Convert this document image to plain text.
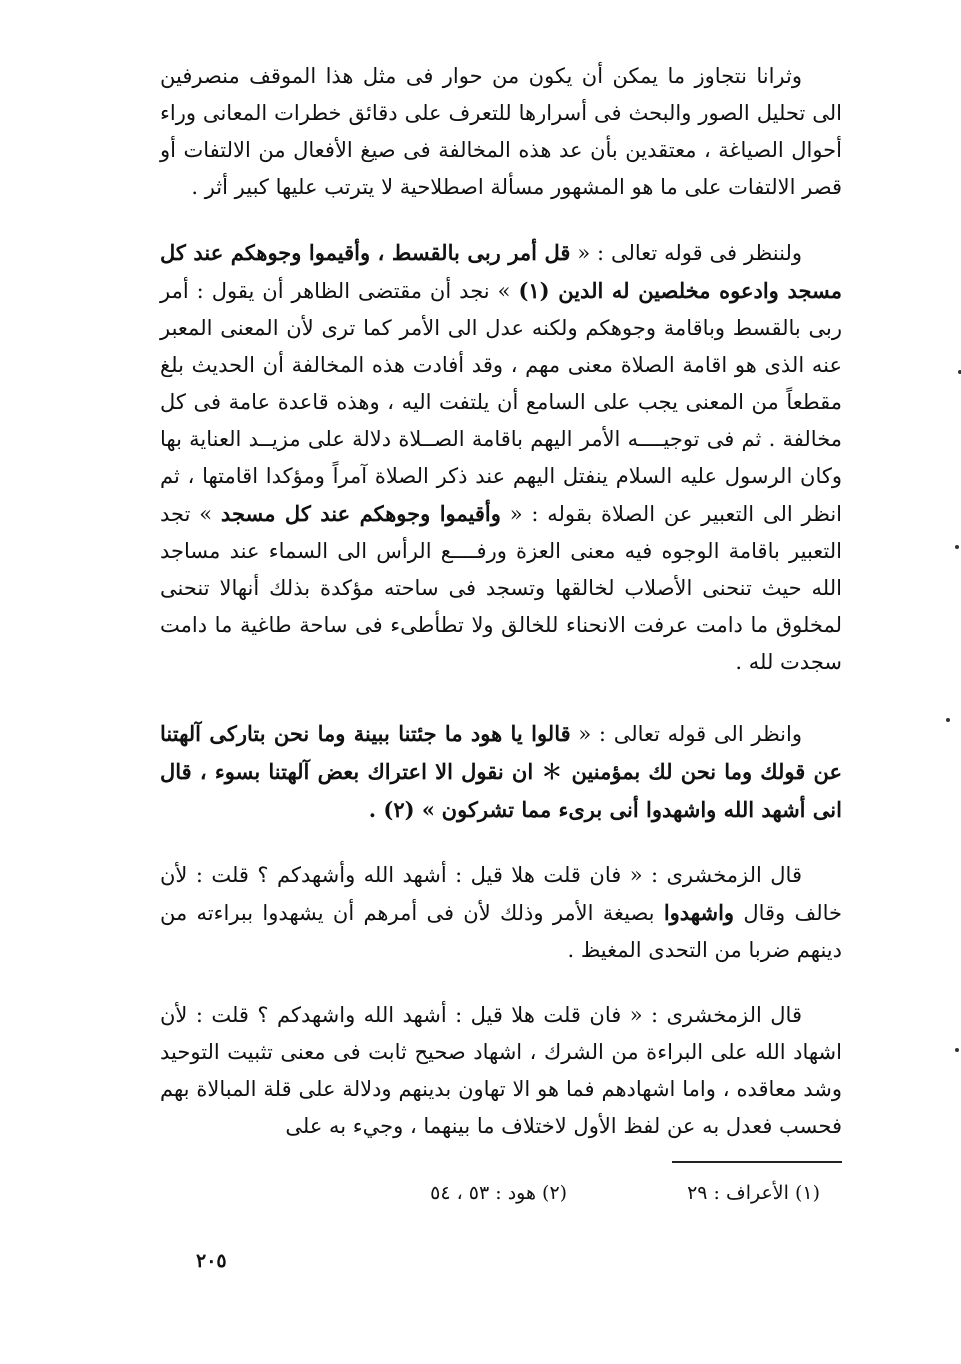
وثرانا نتجاوز ما يمكن أن يكون من حوار فى مثل هذا الموقف منصرفين الى تحليل الصور والبحث فى أسرارها للتعرف على دقائق خطرات المعانى وراء أحوال الصياغة ، معتقدين بأن عد هذه المخالفة فى صيغ الأفعال من الالتفات أو قصر الالتفات على ما هو المشهور مسألة اصطلاحية لا يترتب عليها كبير أثر .

ولننظر فى قوله تعالى : « قل أمر ربى بالقسط ، وأقيموا وجوهكم عند كل مسجد وادعوه مخلصين له الدين (١) » نجد أن مقتضى الظاهر أن يقول : أمر ربى بالقسط وباقامة وجوهكم ولكنه عدل الى الأمر كما ترى لأن المعنى المعبر عنه الذى هو اقامة الصلاة معنى مهم ، وقد أفادت هذه المخالفة أن الحديث بلغ مقطعاً من المعنى يجب على السامع أن يلتفت اليه ، وهذه قاعدة عامة فى كل مخالفة . ثم فى توجيــــه الأمر اليهم باقامة الصــلاة دلالة على مزيــد العناية بها وكان الرسول عليه السلام ينفتل اليهم عند ذكر الصلاة آمراً ومؤكدا اقامتها ، ثم انظر الى التعبير عن الصلاة بقوله : « وأقيموا وجوهكم عند كل مسجد » تجد التعبير باقامة الوجوه فيه معنى العزة ورفــــع الرأس الى السماء عند مساجد الله حيث تنحنى الأصلاب لخالقها وتسجد فى ساحته مؤكدة بذلك أنهالا تنحنى لمخلوق ما دامت عرفت الانحناء للخالق ولا تطأطىء فى ساحة طاغية ما دامت سجدت لله .

وانظر الى قوله تعالى : « قالوا يا هود ما جئتنا ببينة وما نحن بتاركى آلهتنا عن قولك وما نحن لك بمؤمنين ＊ ان نقول الا اعتراك بعض آلهتنا بسوء ، قال انى أشهد الله واشهدوا أنى برىء مما تشركون » (٢) .

قال الزمخشرى : « فان قلت هلا قيل : أشهد الله وأشهدكم ؟ قلت : لأن خالف وقال واشهدوا بصيغة الأمر وذلك لأن فى أمرهم أن يشهدوا ببراءته من دينهم ضربا من التحدى المغيظ .

قال الزمخشرى : « فان قلت هلا قيل : أشهد الله واشهدكم ؟ قلت : لأن اشهاد الله على البراءة من الشرك ، اشهاد صحيح ثابت فى معنى تثبيت التوحيد وشد معاقده ، واما اشهادهم فما هو الا تهاون بدينهم ودلالة على قلة المبالاة بهم فحسب فعدل به عن لفظ الأول لاختلاف ما بينهما ، وجيء به على

(١) الأعراف : ٢٩
(٢) هود : ٥٣ ، ٥٤
٢٠٥
